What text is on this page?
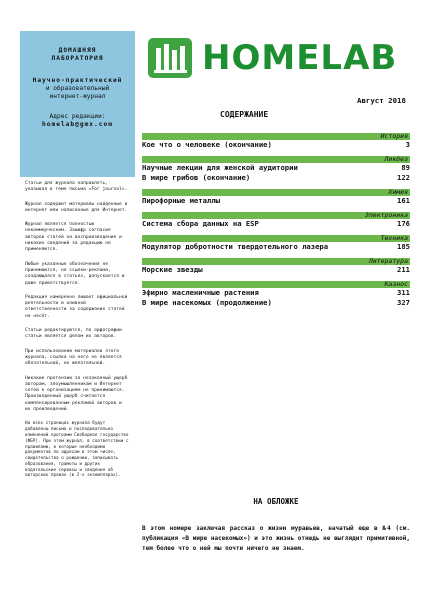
ДОМАШНЯЯ
ЛАБОРАТОРИЯ
Научно-практический
и образовательный
интернет-журнал
Адрес редакции:
homelab@gmx.com

Статьи для журнала направлять, указывая в теме письма «For journal».

Журнал содержит материалы найденные в интернет или написанные для Интернет.

Журнал является полностью некоммерческим. Зашифр согласия авторов статей на воспроизведение и никаких сведений за редакцию не применяются.

Любые указанные обозначения не принимаются, не ссылки-реклама, создающаяся в статьях, допускается и даже приветствуется.

Редакция намеренно лишает официальной деятельности и оливной ответственности за содержание статей не несёт.

Статьи редактируются, по орфографии статьи является делом их авторов.

При использовании материалов этого журнала, ссылка на него не является обязательной, но желательной.

Никакие претензии за незаконный ущерб авторам, злоумышленникам и Интернет сетей к организациям не принимаются. Произведенный ущерб считается компенсированным рекламой авторов и их произведений.

На всех страницах журнала будут добавлены письма и последовательно изменений программ Свободное государство (ФБР). При этом журнал, в соответствии с правилами, в которые необходимо документов по адресам в этом числе, свидетельства о рождении, записывать образования, грамоты и других издательские сервисы и сведения об авторских правах (в 2-х экземплярах).

HOMELAB
Август 2018
СОДЕРЖАНИЕ
История
Кое что о человеке (окончание)	3
Ликбез
Научные лекции для женской аудитории	89
В мире грибов (окончание)	122
Химия
Пирофорные металлы	161
Электроника
Система сбора данных на ESP	176
Техника
Модулятор добротности твердотельного лазера	185
Литература
Морские звезды	211
Казнос
Эфирно масленичные растения	311
В мире насекомых (продолжение)	327
НА ОБЛОЖКЕ
В этом номере заключая рассказ о жизни муравьев, начатый еще в №4 (см. публикация «В мире насекомых») и это жизнь отнюдь не выглядит примитивной, тем более что о ней мы почти ничего не знаем.
